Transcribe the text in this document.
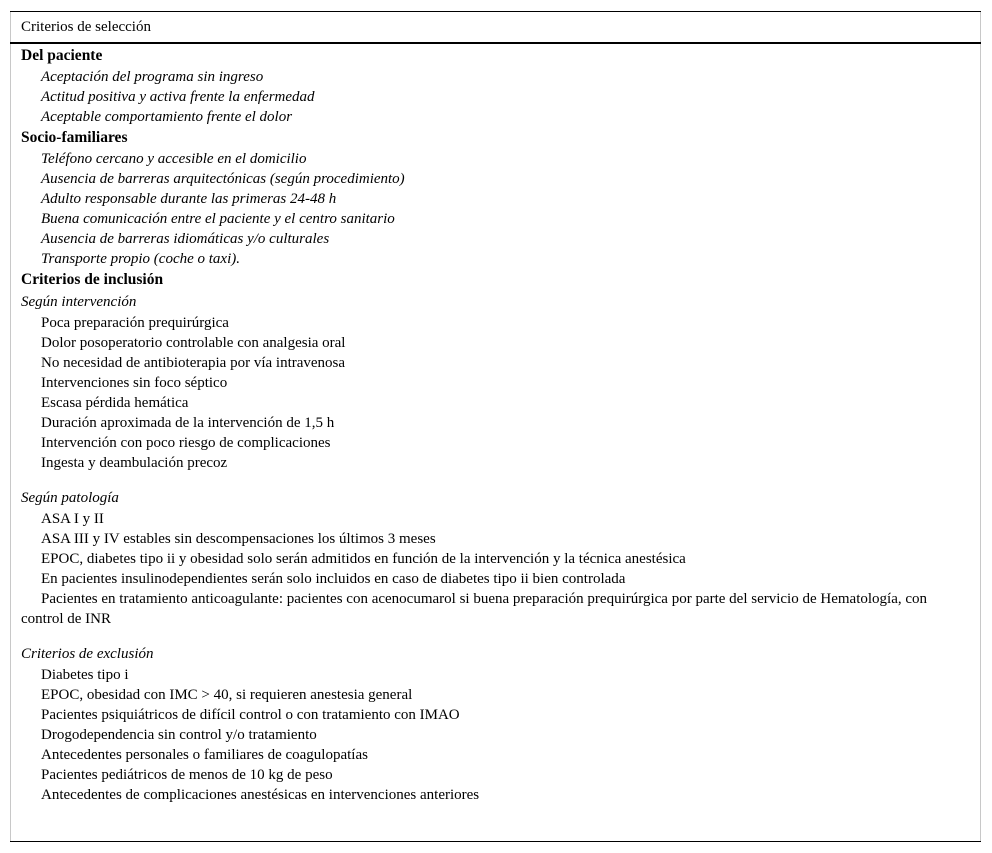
Criterios de selección
Del paciente
Aceptación del programa sin ingreso
Actitud positiva y activa frente la enfermedad
Aceptable comportamiento frente el dolor
Socio-familiares
Teléfono cercano y accesible en el domicilio
Ausencia de barreras arquitectónicas (según procedimiento)
Adulto responsable durante las primeras 24-48 h
Buena comunicación entre el paciente y el centro sanitario
Ausencia de barreras idiomáticas y/o culturales
Transporte propio (coche o taxi).
Criterios de inclusión
Según intervención
Poca preparación prequirúrgica
Dolor posoperatorio controlable con analgesia oral
No necesidad de antibioterapia por vía intravenosa
Intervenciones sin foco séptico
Escasa pérdida hemática
Duración aproximada de la intervención de 1,5 h
Intervención con poco riesgo de complicaciones
Ingesta y deambulación precoz
Según patología
ASA I y II
ASA III y IV estables sin descompensaciones los últimos 3 meses
EPOC, diabetes tipo ii y obesidad solo serán admitidos en función de la intervención y la técnica anestésica
En pacientes insulinodependientes serán solo incluidos en caso de diabetes tipo ii bien controlada
Pacientes en tratamiento anticoagulante: pacientes con acenocumarol si buena preparación prequirúrgica por parte del servicio de Hematología, con control de INR
Criterios de exclusión
Diabetes tipo i
EPOC, obesidad con IMC > 40, si requieren anestesia general
Pacientes psiquiátricos de difícil control o con tratamiento con IMAO
Drogodependencia sin control y/o tratamiento
Antecedentes personales o familiares de coagulopatías
Pacientes pediátricos de menos de 10 kg de peso
Antecedentes de complicaciones anestésicas en intervenciones anteriores
